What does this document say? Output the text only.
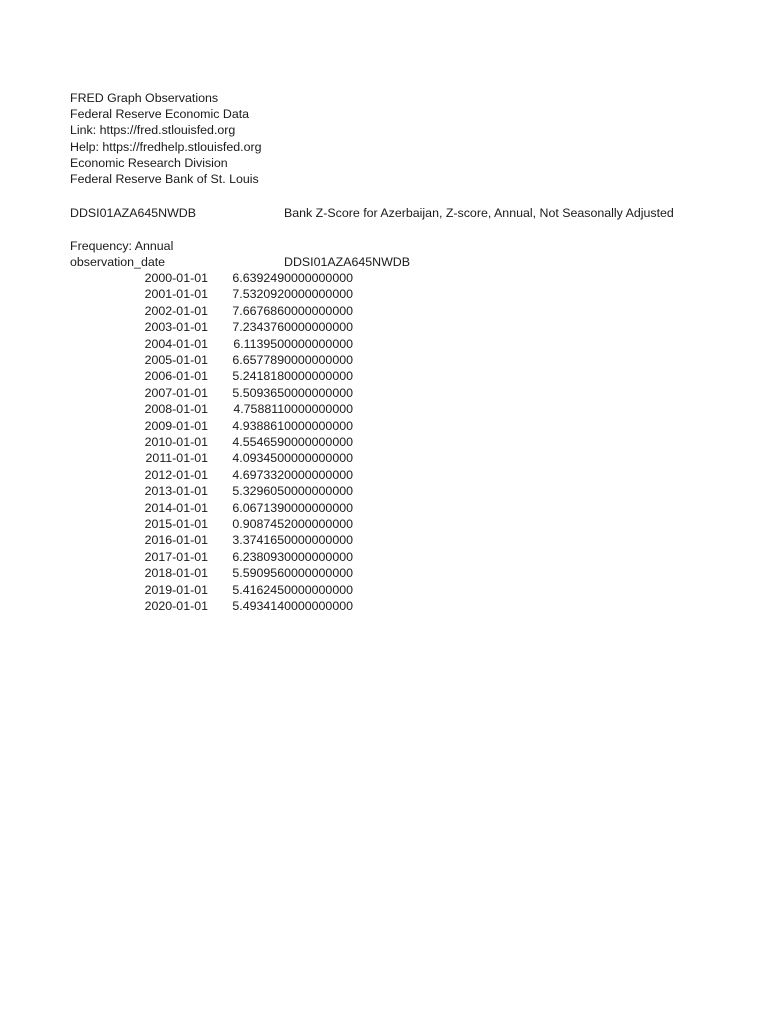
FRED Graph Observations
Federal Reserve Economic Data
Link: https://fred.stlouisfed.org
Help: https://fredhelp.stlouisfed.org
Economic Research Division
Federal Reserve Bank of St. Louis
DDSI01AZA645NWDB	Bank Z-Score for Azerbaijan, Z-score, Annual, Not Seasonally Adjusted
Frequency: Annual
observation_date	DDSI01AZA645NWDB
2000-01-01	6.6392490000000000
2001-01-01	7.5320920000000000
2002-01-01	7.6676860000000000
2003-01-01	7.2343760000000000
2004-01-01	6.1139500000000000
2005-01-01	6.6577890000000000
2006-01-01	5.2418180000000000
2007-01-01	5.5093650000000000
2008-01-01	4.7588110000000000
2009-01-01	4.9388610000000000
2010-01-01	4.5546590000000000
2011-01-01	4.0934500000000000
2012-01-01	4.6973320000000000
2013-01-01	5.3296050000000000
2014-01-01	6.0671390000000000
2015-01-01	0.9087452000000000
2016-01-01	3.3741650000000000
2017-01-01	6.2380930000000000
2018-01-01	5.5909560000000000
2019-01-01	5.4162450000000000
2020-01-01	5.4934140000000000
